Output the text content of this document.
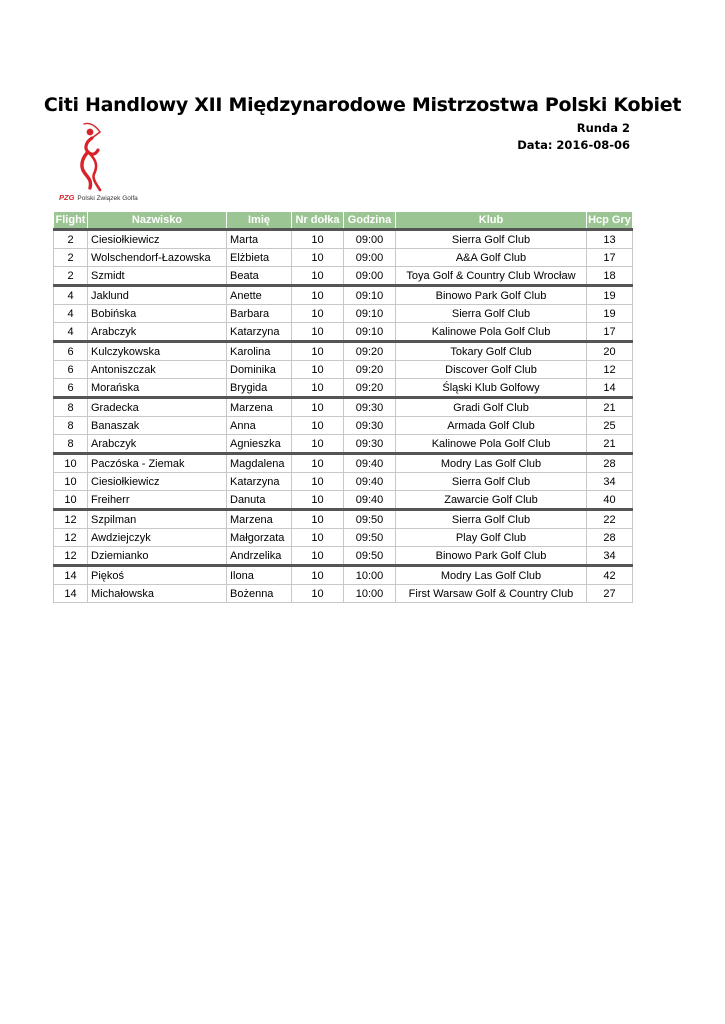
Citi Handlowy XII Międzynarodowe Mistrzostwa Polski Kobiet
Runda 2
Data: 2016-08-06
PZG Polski Związek Golfa
Flight	Nazwisko	Imię	Nr dołka	Godzina	Klub	Hcp Gry
2	Ciesiołkiewicz	Marta	10	09:00	Sierra Golf Club	13
2	Wolschendorf-Łazowska	Elżbieta	10	09:00	A&A Golf Club	17
2	Szmidt	Beata	10	09:00	Toya Golf & Country Club Wrocław	18
4	Jaklund	Anette	10	09:10	Binowo Park Golf Club	19
4	Bobińska	Barbara	10	09:10	Sierra Golf Club	19
4	Arabczyk	Katarzyna	10	09:10	Kalinowe Pola Golf Club	17
6	Kulczykowska	Karolina	10	09:20	Tokary Golf Club	20
6	Antoniszczak	Dominika	10	09:20	Discover Golf Club	12
6	Morańska	Brygida	10	09:20	Śląski Klub Golfowy	14
8	Gradecka	Marzena	10	09:30	Gradi Golf Club	21
8	Banaszak	Anna	10	09:30	Armada Golf Club	25
8	Arabczyk	Agnieszka	10	09:30	Kalinowe Pola Golf Club	21
10	Paczóska - Ziemak	Magdalena	10	09:40	Modry Las Golf Club	28
10	Ciesiołkiewicz	Katarzyna	10	09:40	Sierra Golf Club	34
10	Freiherr	Danuta	10	09:40	Zawarcie Golf Club	40
12	Szpilman	Marzena	10	09:50	Sierra Golf Club	22
12	Awdziejczyk	Małgorzata	10	09:50	Play Golf Club	28
12	Dziemianko	Andrzelika	10	09:50	Binowo Park Golf Club	34
14	Piękoś	Ilona	10	10:00	Modry Las Golf Club	42
14	Michałowska	Bożenna	10	10:00	First Warsaw Golf & Country Club	27
